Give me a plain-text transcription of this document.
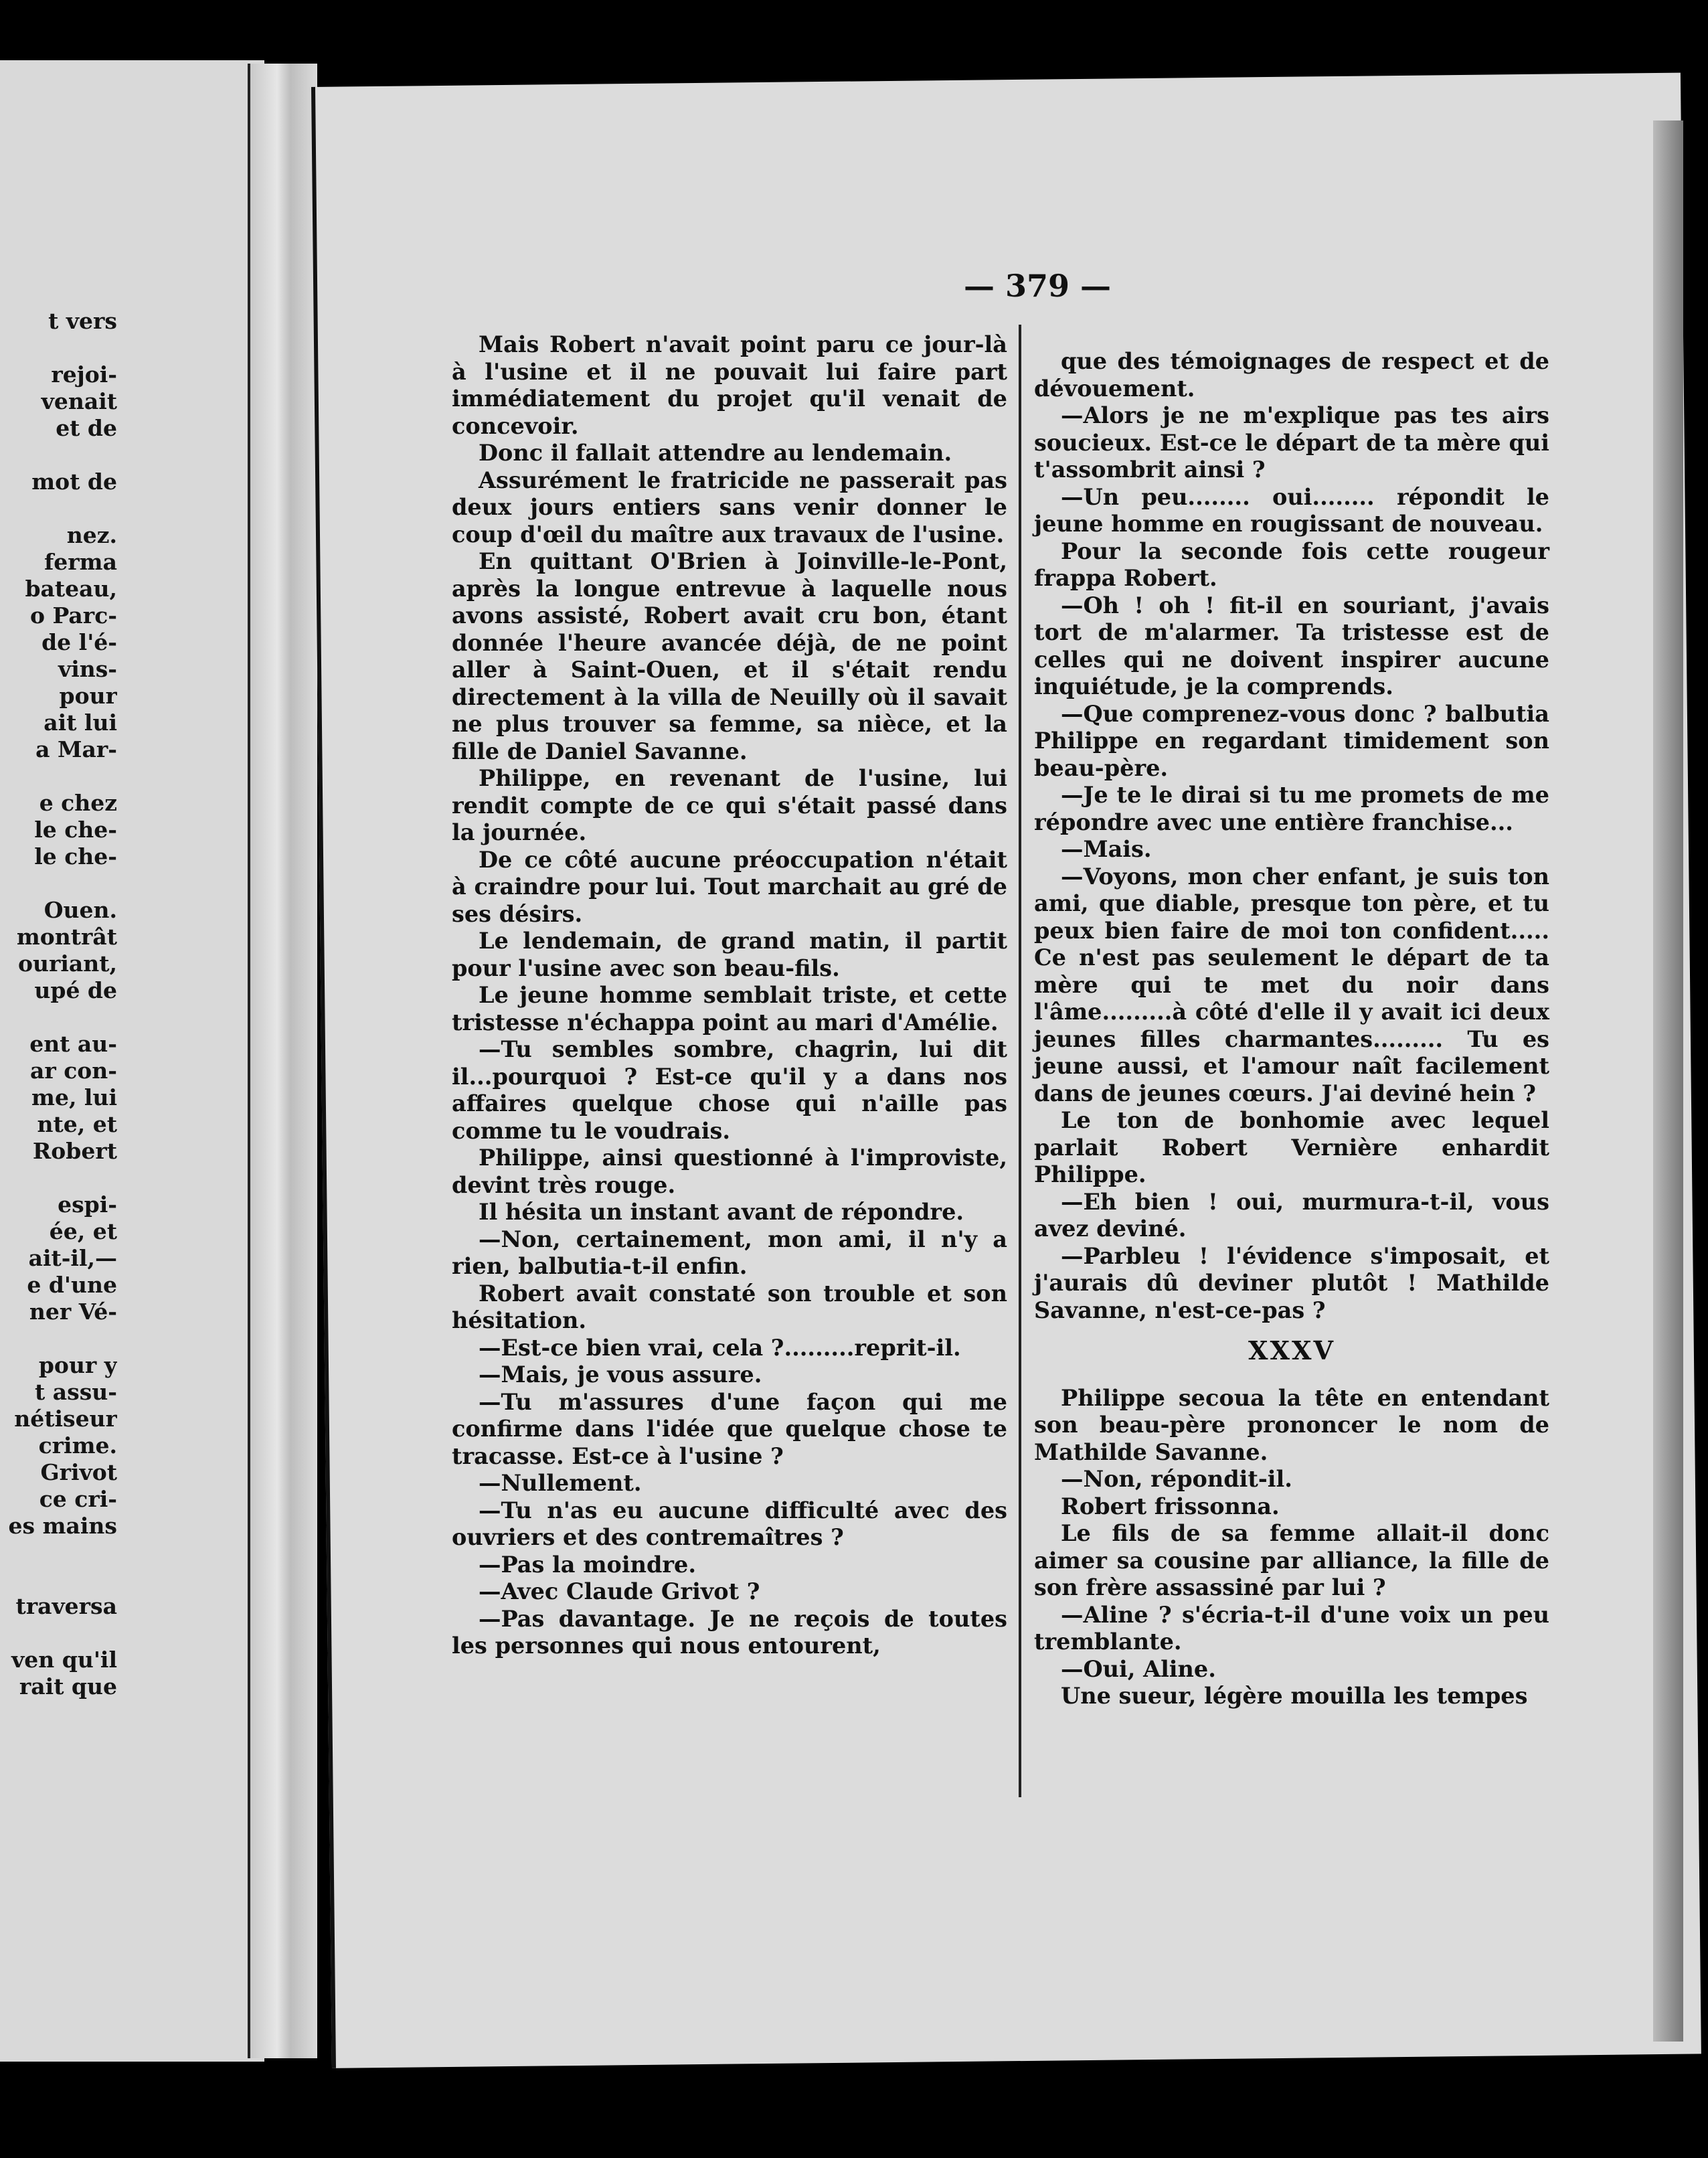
t vers
rejoi-
venait
et de
mot de
nez.
ferma
bateau,
o Parc-
de l'é-
vins-
pour
ait lui
a Mar-
e chez
le che-
le che-
Ouen.
montrât
ouriant,
upé de
ent au-
ar con-
me, lui
nte, et
Robert
espi-
ée, et
ait-il,—
e d'une
ner Vé-
pour y
t assu-
nétiseur
crime.
Grivot
ce cri-
es mains
traversa
ven qu'il
rait que
— 379 —

Mais Robert n'avait point paru ce jour-là à l'usine et il ne pouvait lui faire part immédiatement du projet qu'il venait de concevoir.

Donc il fallait attendre au lendemain.

Assurément le fratricide ne passerait pas deux jours entiers sans venir donner le coup d'œil du maître aux travaux de l'usine.

En quittant O'Brien à Joinville-le-Pont, après la longue entrevue à laquelle nous avons assisté, Robert avait cru bon, étant donnée l'heure avancée déjà, de ne point aller à Saint-Ouen, et il s'était rendu directement à la villa de Neuilly où il savait ne plus trouver sa femme, sa nièce, et la fille de Daniel Savanne.

Philippe, en revenant de l'usine, lui rendit compte de ce qui s'était passé dans la journée.

De ce côté aucune préoccupation n'était à craindre pour lui. Tout marchait au gré de ses désirs.

Le lendemain, de grand matin, il partit pour l'usine avec son beau-fils.

Le jeune homme semblait triste, et cette tristesse n'échappa point au mari d'Amélie.

—Tu sembles sombre, chagrin, lui dit il...pourquoi ? Est-ce qu'il y a dans nos affaires quelque chose qui n'aille pas comme tu le voudrais.

Philippe, ainsi questionné à l'improviste, devint très rouge.

Il hésita un instant avant de répondre.

—Non, certainement, mon ami, il n'y a rien, balbutia-t-il enfin.

Robert avait constaté son trouble et son hésitation.

—Est-ce bien vrai, cela ?.........reprit-il.

—Mais, je vous assure.

—Tu m'assures d'une façon qui me confirme dans l'idée que quelque chose te tracasse. Est-ce à l'usine ?

—Nullement.

—Tu n'as eu aucune difficulté avec des ouvriers et des contremaîtres ?

—Pas la moindre.

—Avec Claude Grivot ?

—Pas davantage. Je ne reçois de toutes les personnes qui nous entourent,

que des témoignages de respect et de dévouement.

—Alors je ne m'explique pas tes airs soucieux. Est-ce le départ de ta mère qui t'assombrit ainsi ?

—Un peu........ oui........ répondit le jeune homme en rougissant de nouveau.

Pour la seconde fois cette rougeur frappa Robert.

—Oh ! oh ! fit-il en souriant, j'avais tort de m'alarmer. Ta tristesse est de celles qui ne doivent inspirer aucune inquiétude, je la comprends.

—Que comprenez-vous donc ? balbutia Philippe en regardant timidement son beau-père.

—Je te le dirai si tu me promets de me répondre avec une entière franchise...

—Mais.

—Voyons, mon cher enfant, je suis ton ami, que diable, presque ton père, et tu peux bien faire de moi ton confident..... Ce n'est pas seulement le départ de ta mère qui te met du noir dans l'âme.........à côté d'elle il y avait ici deux jeunes filles charmantes......... Tu es jeune aussi, et l'amour naît facilement dans de jeunes cœurs. J'ai deviné hein ?

Le ton de bonhomie avec lequel parlait Robert Vernière enhardit Philippe.

—Eh bien ! oui, murmura-t-il, vous avez deviné.

—Parbleu ! l'évidence s'imposait, et j'aurais dû deviner plutôt ! Mathilde Savanne, n'est-ce-pas ?

XXXV

Philippe secoua la tête en entendant son beau-père prononcer le nom de Mathilde Savanne.

—Non, répondit-il.

Robert frissonna.

Le fils de sa femme allait-il donc aimer sa cousine par alliance, la fille de son frère assassiné par lui ?

—Aline ? s'écria-t-il d'une voix un peu tremblante.

—Oui, Aline.

Une sueur, légère mouilla les tempes
